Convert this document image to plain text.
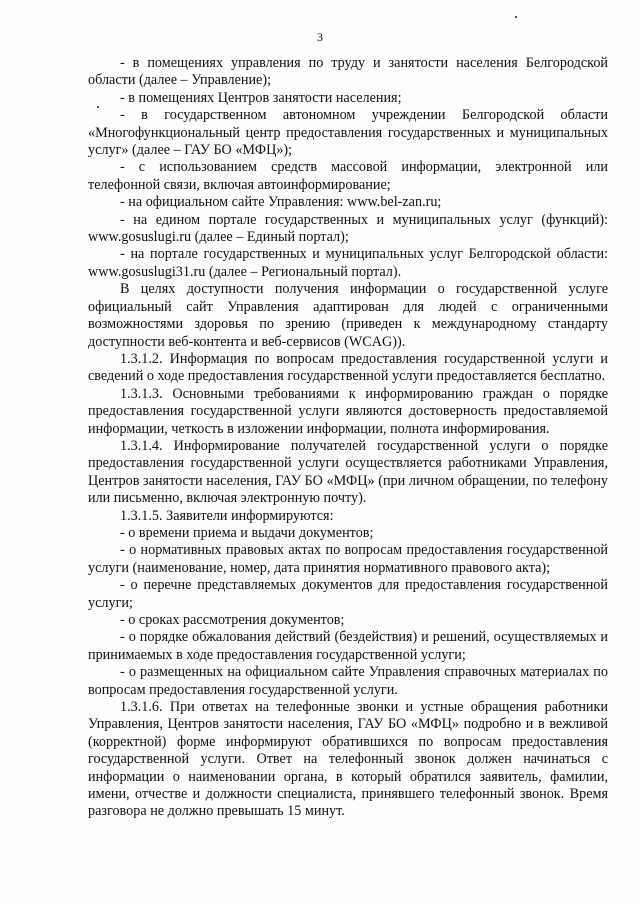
3

- в помещениях управления по труду и занятости населения Белгородской области (далее – Управление);

- в помещениях Центров занятости населения;

- в государственном автономном учреждении Белгородской области «Многофункциональный центр предоставления государственных и муниципальных услуг» (далее – ГАУ БО «МФЦ»);

- с использованием средств массовой информации, электронной или телефонной связи, включая автоинформирование;

- на официальном сайте Управления: www.bel-zan.ru;

- на едином портале государственных и муниципальных услуг (функций): www.gosuslugi.ru (далее – Единый портал);

- на портале государственных и муниципальных услуг Белгородской области: www.gosuslugi31.ru (далее – Региональный портал).

В целях доступности получения информации о государственной услуге официальный сайт Управления адаптирован для людей с ограниченными возможностями здоровья по зрению (приведен к международному стандарту доступности веб-контента и веб-сервисов (WCAG)).

1.3.1.2. Информация по вопросам предоставления государственной услуги и сведений о ходе предоставления государственной услуги предоставляется бесплатно.

1.3.1.3. Основными требованиями к информированию граждан о порядке предоставления государственной услуги являются достоверность предоставляемой информации, четкость в изложении информации, полнота информирования.

1.3.1.4. Информирование получателей государственной услуги о порядке предоставления государственной услуги осуществляется работниками Управления, Центров занятости населения, ГАУ БО «МФЦ» (при личном обращении, по телефону или письменно, включая электронную почту).

1.3.1.5. Заявители информируются:

- о времени приема и выдачи документов;

- о нормативных правовых актах по вопросам предоставления государственной услуги (наименование, номер, дата принятия нормативного правового акта);

- о перечне представляемых документов для предоставления государственной услуги;

- о сроках рассмотрения документов;

- о порядке обжалования действий (бездействия) и решений, осуществляемых и принимаемых в ходе предоставления государственной услуги;

- о размещенных на официальном сайте Управления справочных материалах по вопросам предоставления государственной услуги.

1.3.1.6. При ответах на телефонные звонки и устные обращения работники Управления, Центров занятости населения, ГАУ БО «МФЦ» подробно и в вежливой (корректной) форме информируют обратившихся по вопросам предоставления государственной услуги. Ответ на телефонный звонок должен начинаться с информации о наименовании органа, в который обратился заявитель, фамилии, имени, отчестве и должности специалиста, принявшего телефонный звонок. Время разговора не должно превышать 15 минут.
